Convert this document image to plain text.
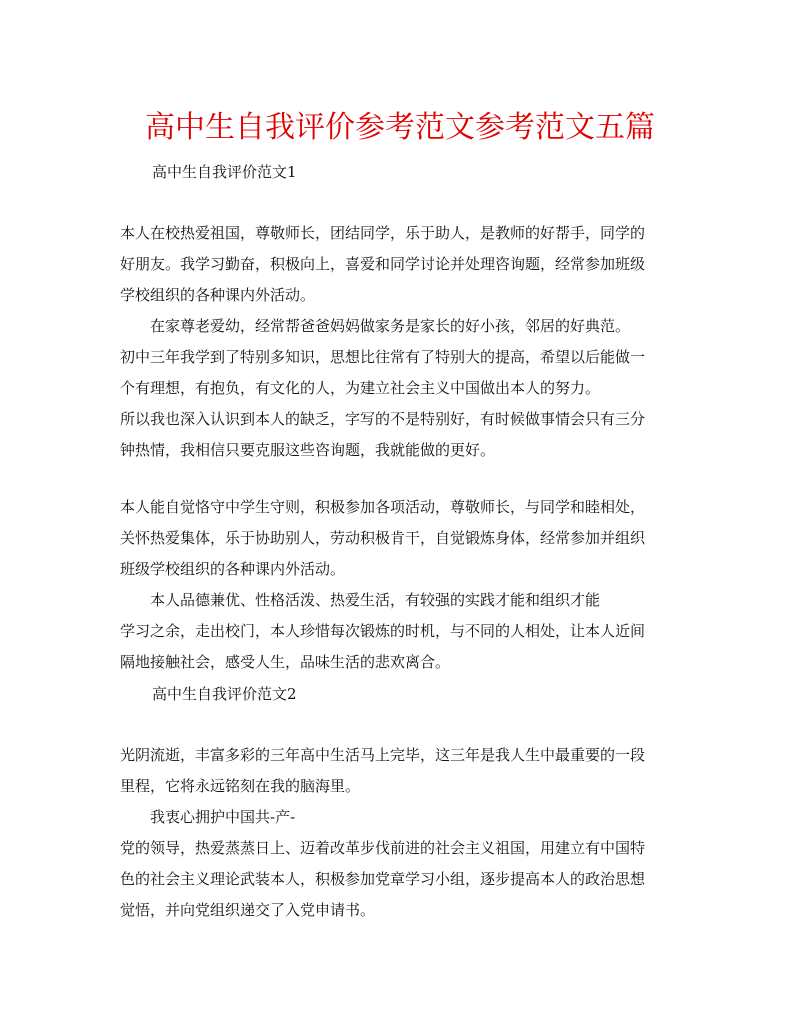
高中生自我评价参考范文参考范文五篇
高中生自我评价范文1
本人在校热爱祖国，尊敬师长，团结同学，乐于助人，是教师的好帮手，同学的
好朋友。我学习勤奋，积极向上，喜爱和同学讨论并处理咨询题，经常参加班级
学校组织的各种课内外活动。
　　在家尊老爱幼，经常帮爸爸妈妈做家务是家长的好小孩，邻居的好典范。
初中三年我学到了特别多知识，思想比往常有了特别大的提高，希望以后能做一
个有理想，有抱负，有文化的人，为建立社会主义中国做出本人的努力。
所以我也深入认识到本人的缺乏，字写的不是特别好，有时候做事情会只有三分
钟热情，我相信只要克服这些咨询题，我就能做的更好。
本人能自觉恪守中学生守则，积极参加各项活动，尊敬师长，与同学和睦相处，
关怀热爱集体，乐于协助别人，劳动积极肯干，自觉锻炼身体，经常参加并组织
班级学校组织的各种课内外活动。
　　本人品德兼优、性格活泼、热爱生活，有较强的实践才能和组织才能
学习之余，走出校门，本人珍惜每次锻炼的时机，与不同的人相处，让本人近间
隔地接触社会，感受人生，品味生活的悲欢离合。
高中生自我评价范文2
光阴流逝，丰富多彩的三年高中生活马上完毕，这三年是我人生中最重要的一段
里程，它将永远铭刻在我的脑海里。
　　我衷心拥护中国共-产-
党的领导，热爱蒸蒸日上、迈着改革步伐前进的社会主义祖国，用建立有中国特
色的社会主义理论武装本人，积极参加党章学习小组，逐步提高本人的政治思想
觉悟，并向党组织递交了入党申请书。
